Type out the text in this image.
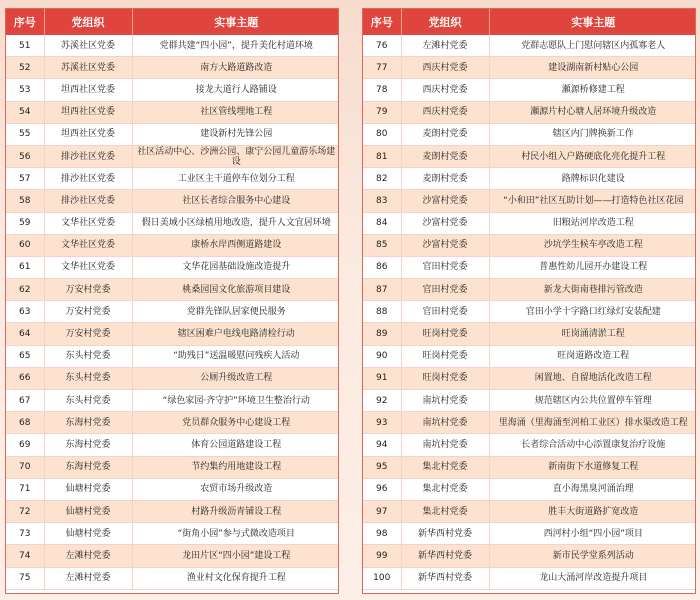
序号	党组织	实事主题
51	苏溪社区党委	党群共建“四小园”，提升美化村道环境
52	苏溪社区党委	南方大路道路改造
53	坦西社区党委	接龙大道行人路铺设
54	坦西社区党委	社区管线埋地工程
55	坦西社区党委	建设新村先锋公园
56	排沙社区党委	社区活动中心、沙洲公园、康宁公园儿童游乐场建设
57	排沙社区党委	工业区主干道停车位划分工程
58	排沙社区党委	社区长者综合服务中心建设
59	文华社区党委	假日美域小区绿植用地改造，提升人文宜居环境
60	文华社区党委	康桥水岸西侧道路建设
61	文华社区党委	文华花园基础设施改造提升
62	万安村党委	桃桑园国文化旅游项目建设
63	万安村党委	党群先锋队居家便民服务
64	万安村党委	辖区困难户电线电路清检行动
65	东头村党委	“助残日”送温暖慰问残疾人活动
66	东头村党委	公厕升级改造工程
67	东头村党委	“绿色家园·齐守护”环境卫生整治行动
68	东海村党委	党员群众服务中心建设工程
69	东海村党委	体育公园道路建设工程
70	东海村党委	节约集约用地建设工程
71	仙塘村党委	农贸市场升级改造
72	仙塘村党委	村路升级沥青铺设工程
73	仙塘村党委	“街角小园”参与式微改造项目
74	左滩村党委	龙田片区“四小园”建设工程
75	左滩村党委	渔业村文化保育提升工程
序号	党组织	实事主题
76	左滩村党委	党群志愿队上门慰问辖区内孤寡老人
77	西庆村党委	建设湖南新村贴心公园
78	西庆村党委	瀬源桥修建工程
79	西庆村党委	瀬源片村心塘人居环境升级改造
80	麦朗村党委	辖区内门牌换新工作
81	麦朗村党委	村民小组入户路硬底化亮化提升工程
82	麦朗村党委	路牌标识化建设
83	沙富村党委	“小和田”社区互助计划——打造特色社区花园
84	沙富村党委	旧粮站河岸改造工程
85	沙富村党委	沙坑学生候车亭改造工程
86	官田村党委	普惠性幼儿园开办建设工程
87	官田村党委	新龙大街南巷排污管改造
88	官田村党委	官田小学十字路口红绿灯安装配建
89	旺岗村党委	旺岗涌清淤工程
90	旺岗村党委	旺岗道路改造工程
91	旺岗村党委	闲置地、自留地活化改造工程
92	南坑村党委	规范辖区内公共位置停车管理
93	南坑村党委	里海涌（里海涌至河柏工业区）排水渠改造工程
94	南坑村党委	长者综合活动中心添置康复治疗设施
95	集北村党委	新南街下水道修复工程
96	集北村党委	直小海黑臭河涌治理
97	集北村党委	胜丰大街道路扩宽改造
98	新华西村党委	西河村小组“四小园”项目
99	新华西村党委	新市民学堂系列活动
100	新华西村党委	龙山大涌河岸改造提升项目
